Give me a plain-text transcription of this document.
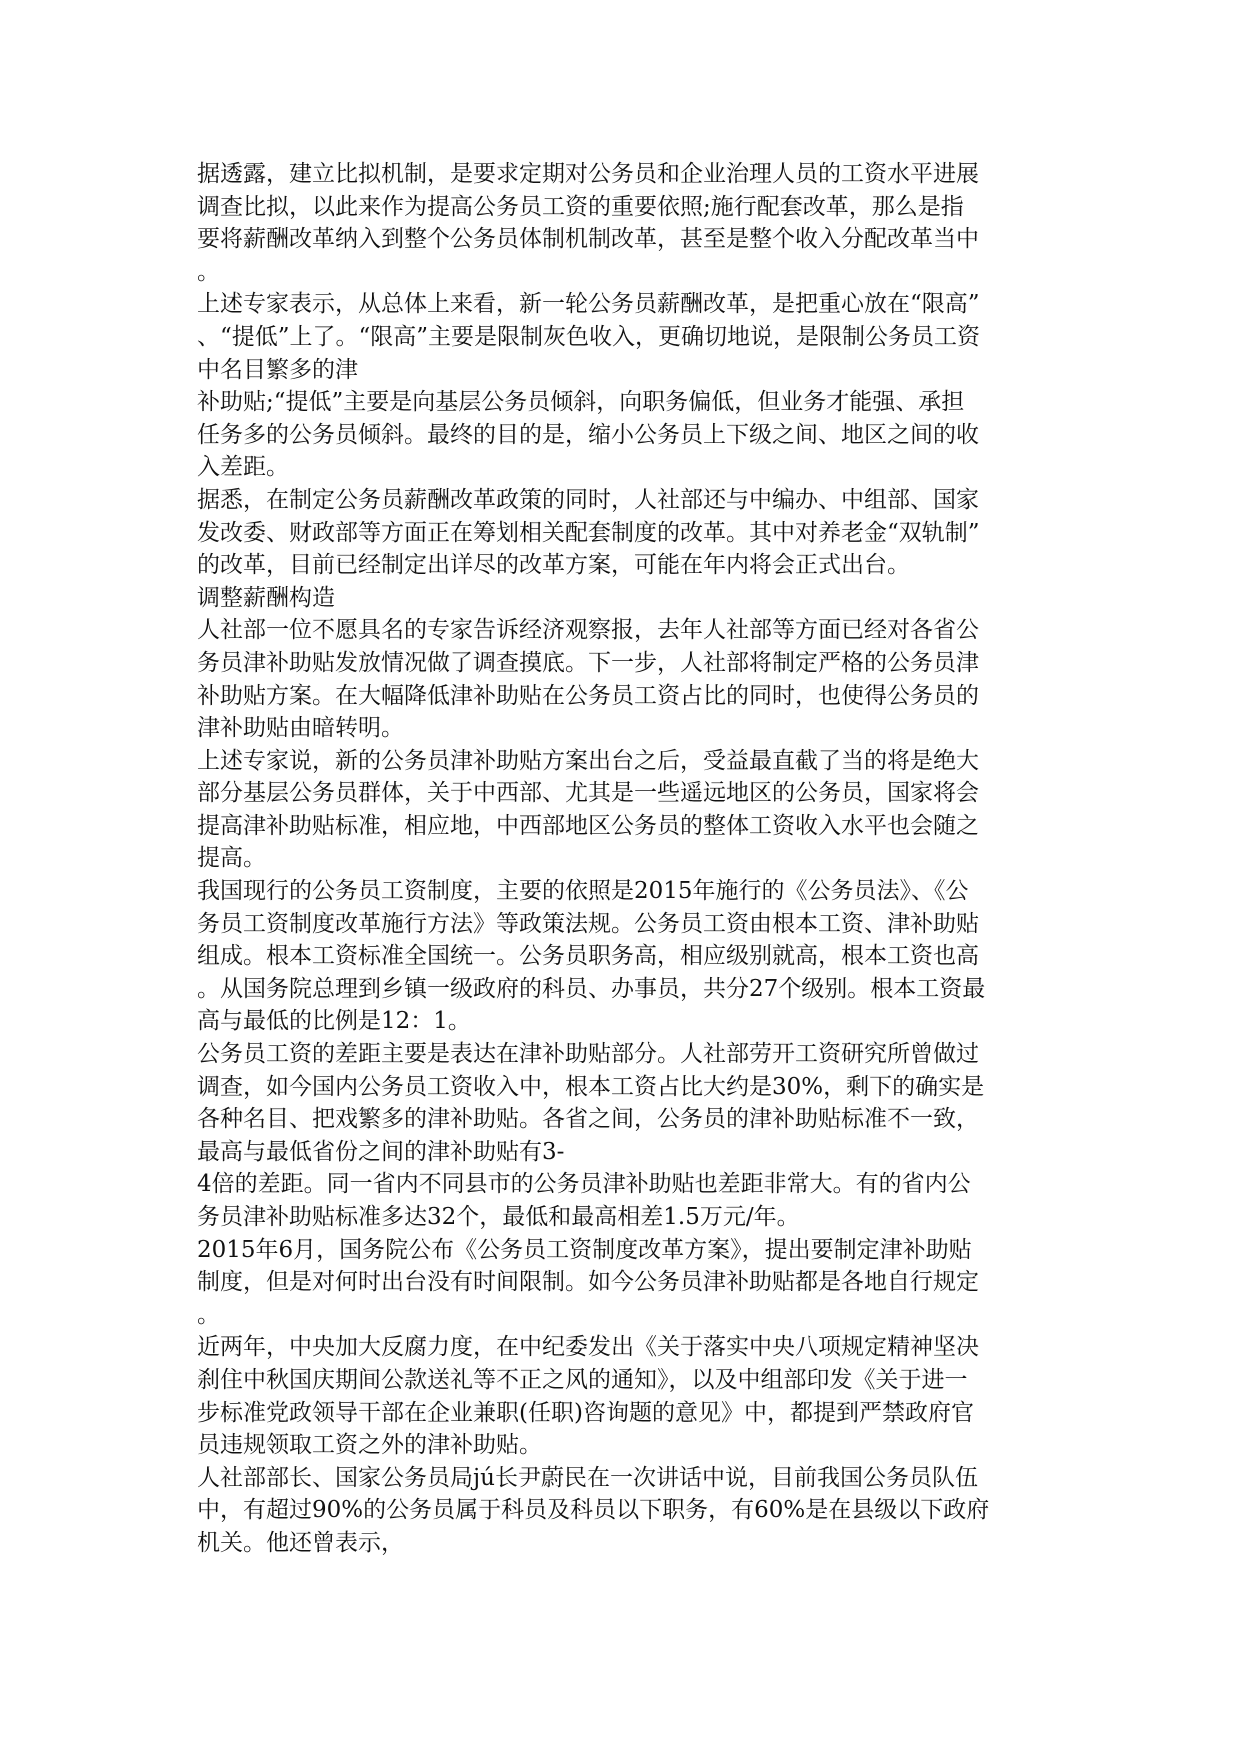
据透露，建立比拟机制，是要求定期对公务员和企业治理人员的工资水平进展
调查比拟，以此来作为提高公务员工资的重要依照;施行配套改革，那么是指
要将薪酬改革纳入到整个公务员体制机制改革，甚至是整个收入分配改革当中
。
上述专家表示，从总体上来看，新一轮公务员薪酬改革，是把重心放在“限高”
、“提低”上了。“限高”主要是限制灰色收入，更确切地说，是限制公务员工资
中名目繁多的津
补助贴;“提低”主要是向基层公务员倾斜，向职务偏低，但业务才能强、承担
任务多的公务员倾斜。最终的目的是，缩小公务员上下级之间、地区之间的收
入差距。
据悉，在制定公务员薪酬改革政策的同时，人社部还与中编办、中组部、国家
发改委、财政部等方面正在筹划相关配套制度的改革。其中对养老金“双轨制”
的改革，目前已经制定出详尽的改革方案，可能在年内将会正式出台。
调整薪酬构造
人社部一位不愿具名的专家告诉经济观察报，去年人社部等方面已经对各省公
务员津补助贴发放情况做了调查摸底。下一步，人社部将制定严格的公务员津
补助贴方案。在大幅降低津补助贴在公务员工资占比的同时，也使得公务员的
津补助贴由暗转明。
上述专家说，新的公务员津补助贴方案出台之后，受益最直截了当的将是绝大
部分基层公务员群体，关于中西部、尤其是一些遥远地区的公务员，国家将会
提高津补助贴标准，相应地，中西部地区公务员的整体工资收入水平也会随之
提高。
我国现行的公务员工资制度，主要的依照是2015年施行的《公务员法》、《公
务员工资制度改革施行方法》等政策法规。公务员工资由根本工资、津补助贴
组成。根本工资标准全国统一。公务员职务高，相应级别就高，根本工资也高
。从国务院总理到乡镇一级政府的科员、办事员，共分27个级别。根本工资最
高与最低的比例是12：1。
公务员工资的差距主要是表达在津补助贴部分。人社部劳开工资研究所曾做过
调查，如今国内公务员工资收入中，根本工资占比大约是30%，剩下的确实是
各种名目、把戏繁多的津补助贴。各省之间，公务员的津补助贴标准不一致，
最高与最低省份之间的津补助贴有3-
4倍的差距。同一省内不同县市的公务员津补助贴也差距非常大。有的省内公
务员津补助贴标准多达32个，最低和最高相差1.5万元/年。
2015年6月，国务院公布《公务员工资制度改革方案》，提出要制定津补助贴
制度，但是对何时出台没有时间限制。如今公务员津补助贴都是各地自行规定
。
近两年，中央加大反腐力度，在中纪委发出《关于落实中央八项规定精神坚决
刹住中秋国庆期间公款送礼等不正之风的通知》，以及中组部印发《关于进一
步标准党政领导干部在企业兼职(任职)咨询题的意见》中，都提到严禁政府官
员违规领取工资之外的津补助贴。
人社部部长、国家公务员局jú长尹蔚民在一次讲话中说，目前我国公务员队伍
中，有超过90%的公务员属于科员及科员以下职务，有60%是在县级以下政府
机关。他还曾表示，
